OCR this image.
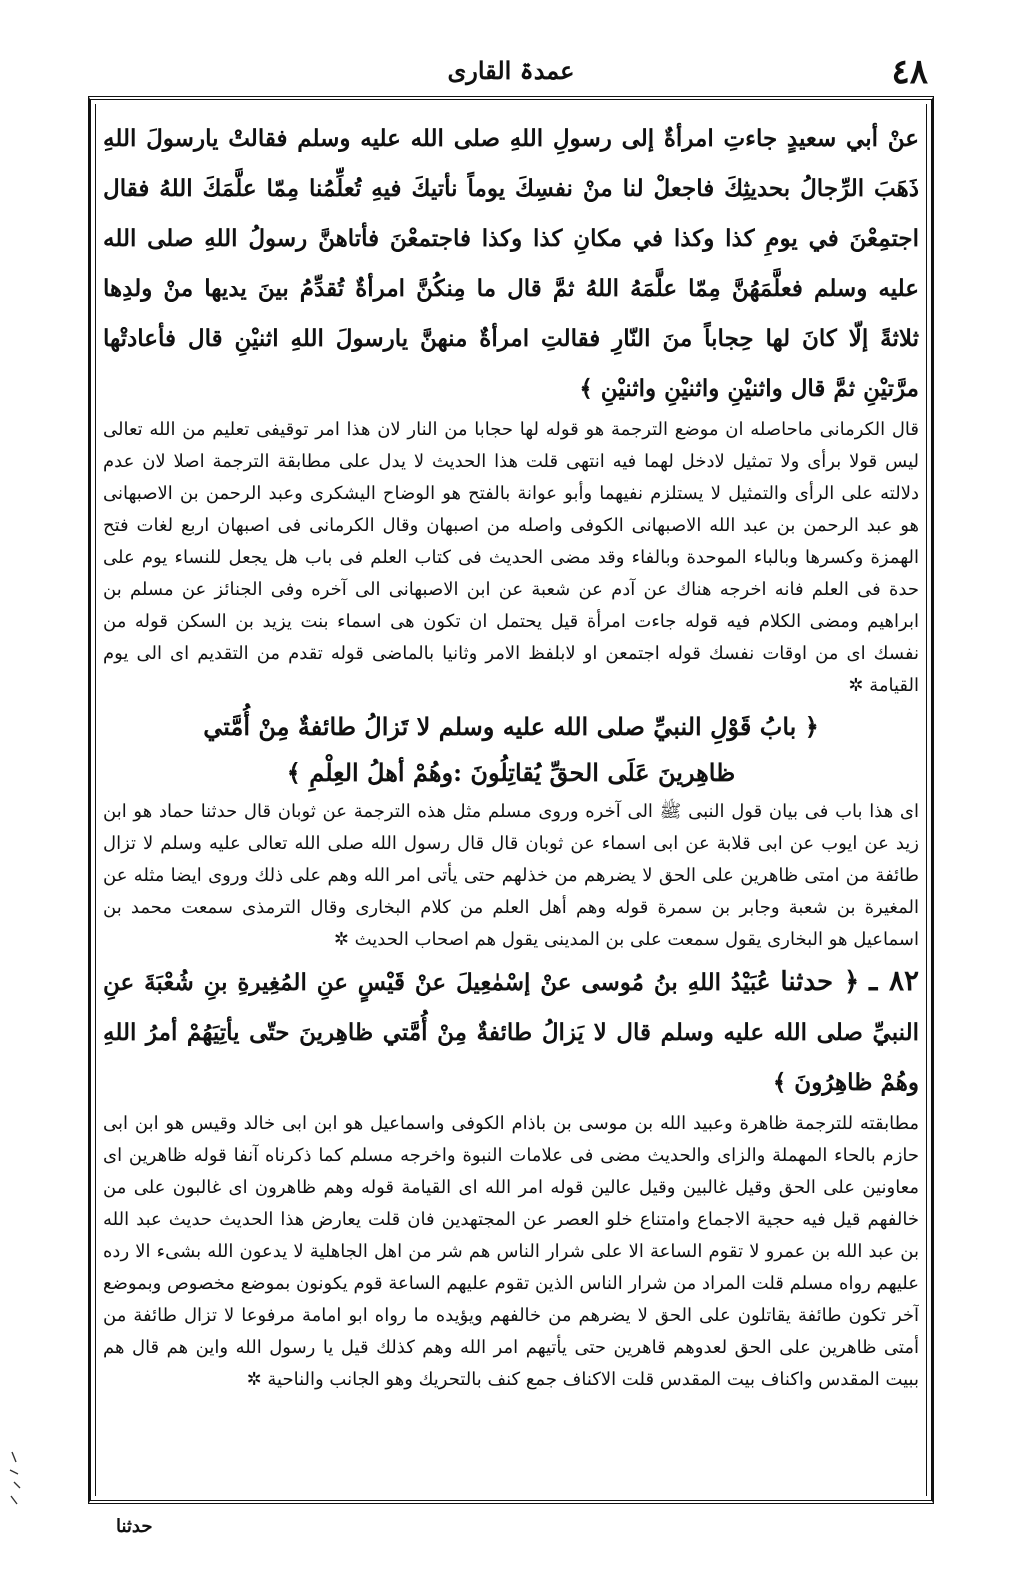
عمدۃ القاری	٤٨

عنْ أبي سعيدٍ جاءتِ امرأةٌ إلى رسولِ اللهِ صلى الله عليه وسلم فقالتْ يارسولَ اللهِ ذَهَبَ الرِّجالُ بحديثِكَ فاجعلْ لنا منْ نفسِكَ يوماً نأتيكَ فيهِ تُعلِّمُنا مِمّا علَّمَكَ اللهُ فقال اجتمِعْنَ في يومِ كذا وكذا في مكانِ كذا وكذا فاجتمعْنَ فأتاهنَّ رسولُ اللهِ صلى الله عليه وسلم فعلَّمَهُنَّ مِمّا علَّمَهُ اللهُ ثمَّ قال ما مِنكُنَّ امرأةٌ تُقدِّمُ بينَ يديها منْ ولدِها ثلاثةً إلّا كانَ لها حِجاباً منَ النّارِ فقالتِ امرأةٌ منهنَّ يارسولَ اللهِ اثنيْنِ قال فأعادتْها مرَّتيْنِ ثمَّ قال واثنيْنِ واثنيْنِ واثنيْنِ ﴾

قال الكرمانی ماحاصله ان موضع الترجمة هو قوله لها حجابا من النار لان هذا امر توقیفی تعلیم من الله تعالى ليس قولا برأى ولا تمثيل لادخل لهما فيه انتهى قلت هذا الحديث لا يدل على مطابقة الترجمة اصلا لان عدم دلالته على الرأى والتمثيل لا يستلزم نفيهما وأبو عوانة بالفتح هو الوضاح اليشكرى وعبد الرحمن بن الاصبهانى هو عبد الرحمن بن عبد الله الاصبهانى الكوفى واصله من اصبهان وقال الكرمانى فى اصبهان اربع لغات فتح الهمزة وكسرها وبالباء الموحدة وبالفاء وقد مضى الحديث فى كتاب العلم فى باب هل يجعل للنساء يوم على حدة فى العلم فانه اخرجه هناك عن آدم عن شعبة عن ابن الاصبهانى الى آخره وفى الجنائز عن مسلم بن ابراهيم ومضى الكلام فيه قوله جاءت امرأة قيل يحتمل ان تكون هى اسماء بنت يزيد بن السكن قوله من نفسك اى من اوقات نفسك قوله اجتمعن او لابلفظ الامر وثانيا بالماضى قوله تقدم من التقديم اى الى يوم القيامة ✲

﴿ بابُ قَوْلِ النبيِّ صلى الله عليه وسلم لا تَزالُ طائفةٌ مِنْ أُمَّتي
ظاهِرينَ عَلَى الحقِّ يُقاتِلُونَ :وهُمْ أهلُ العِلْمِ ﴾

اى هذا باب فى بيان قول النبى ﷺ الى آخره وروى مسلم مثل هذه الترجمة عن ثوبان قال حدثنا حماد هو ابن زيد عن ايوب عن ابى قلابة عن ابى اسماء عن ثوبان قال قال رسول الله صلى الله تعالى عليه وسلم لا تزال طائفة من امتى ظاهرين على الحق لا يضرهم من خذلهم حتى يأتى امر الله وهم على ذلك وروى ايضا مثله عن المغيرة بن شعبة وجابر بن سمرة قوله وهم أهل العلم من كلام البخارى وقال الترمذى سمعت محمد بن اسماعيل هو البخارى يقول سمعت على بن المدينى يقول هم اصحاب الحديث ✲

٨٢ ـ ﴿ حدثنا عُبَيْدُ اللهِ بنُ مُوسى عنْ إسْمٰعِيلَ عنْ قَيْسٍ عنِ المُغِيرةِ بنِ شُعْبَةَ عنِ النبيِّ صلى الله عليه وسلم قال لا يَزالُ طائفةٌ مِنْ أُمَّتي ظاهِرينَ حتّى يأتِيَهُمْ أمرُ اللهِ وهُمْ ظاهِرُونَ ﴾

مطابقته للترجمة ظاهرة وعبيد الله بن موسى بن باذام الكوفى واسماعيل هو ابن ابى خالد وقيس هو ابن ابى حازم بالحاء المهملة والزاى والحديث مضى فى علامات النبوة واخرجه مسلم كما ذكرناه آنفا قوله ظاهرين اى معاونين على الحق وقيل غالبين وقيل عالين قوله امر الله اى القيامة قوله وهم ظاهرون اى غالبون على من خالفهم قيل فيه حجية الاجماع وامتناع خلو العصر عن المجتهدين فان قلت يعارض هذا الحديث حديث عبد الله بن عبد الله بن عمرو لا تقوم الساعة الا على شرار الناس هم شر من اهل الجاهلية لا يدعون الله بشىء الا رده عليهم رواه مسلم قلت المراد من شرار الناس الذين تقوم عليهم الساعة قوم يكونون بموضع مخصوص وبموضع آخر تكون طائفة يقاتلون على الحق لا يضرهم من خالفهم ويؤيده ما رواه ابو امامة مرفوعا لا تزال طائفة من أمتى ظاهرين على الحق لعدوهم قاهرين حتى يأتيهم امر الله وهم كذلك قيل يا رسول الله واين هم قال هم ببيت المقدس واكناف بيت المقدس قلت الاكناف جمع كنف بالتحريك وهو الجانب والناحية ✲

حدثنا
